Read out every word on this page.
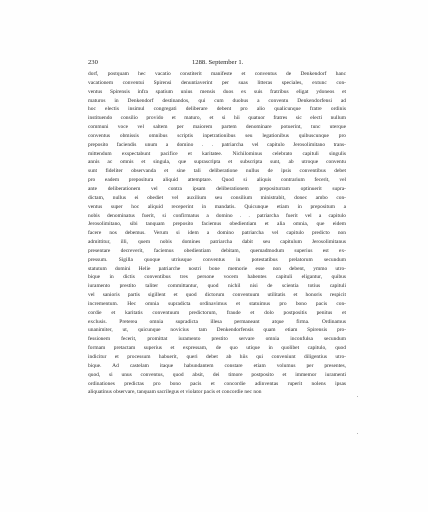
230	1288. September 1.
dorf, postquam hec vacatio constiterit manifeste et conventus de Denkendorf hanc
vacationem conventui Spirensi denuntiaverint per suas litteras speciales, extunc con-
ventus Spirensis infra spatium unius mensis duos ex suis fratribus eligat ydoneos et
maturos in Denkendorf destinandos, qui cum duobus a conventu Denkendorfensi ad
hoc electis insimul congregati deliberare debent pro alio qualicunque fratre ordinis
instituendo consilio provido et maturo, et si hii quatuor fratres sic electi nullum
communi voce vel saltem per maiorem partem denominare potuerint, tunc uterque
conventus obmissis omnibus scriptis inpetrationibus seu legationibus quibuscunque pro
preposito faciendis unum a domino . . patriarcha vel capitulo Jerosolimitano trans-
mittendum exspectabunt pacifice et karitatee. Nichilominus celebrato capituli singulis
annis ac omnis et singula, que suprascripta et subscripta sunt, ab utroque conventu
sunt fideliter observanda et sine tali deliberatione nullus de ipsis conventibus debet
pro eadem prepositura aliquid attemptare. Quod si aliquis contrarium fecerit, vel
ante deliberationem vel contra ipsam deliberationem prepositurram optinuerit supra-
dictam, nullus ei obediet vel auxilium seu consilium ministrabit, donec ambo con-
ventus super hoc aliquid receperint in mandatis. Quicunque etiam in prepositum a
nobis denominatus fuerit, si confirmatus a domino . . patriarcha fuerit vel a capitulo
Jerosolimitano, sibi tanquam preposito faciemus obedientiam et alia omnia, que eidem
facere nos debemus. Verum si idem a domino patriarcha vel capitulo predicto non
admittitur, illi, quem nobis domines patriarcha dabit seu capitulum Jerosolimitanus
presentare decreverit, faciemus obedientiam debitam, quemadmodum superius est ex-
pressum. Sigilla quoque utriusque conventus in potestatibus prelatorum secundum
statutum domini Helie patriarche nostri bone memorie esse non debent, ymmo utro-
bique in dictis conventibus tres persone vocem habentes capituli eligantur, quibus
iuramento prestito taliter committantur, quod nichil nisi de scientia totius capituli
vel sanioris partis sigillent et quod dictorum conventuum utilitatis et honoris respicit
incrementum. Hec omnia supradicta ordinavimus et statuimus pro bono pacis con-
cordie et karitatis conventuum predictorum, fraude et dolo postpositis penitus et
exclusis. Preterea omnia supradicta illesa permaneant atque firma. Ordinamus
unanimiter, ut, quicunque novicius tam Denkendorfensis quam etiam Spirensis pro-
fessionem fecerit, promittat iuramento prestito servare omnia inconfulsa secundum
formam pretactam superius et expressam, de quo utique in quolibet capitulo, quod
indicitur et processum habuerit, queri debet ab hiis qui conveniunt diligentius utro-
bique. Ad castelam itaque habundantem constare etiam volumus per presentes,
quod, si unus conventus, quod absit, dei timore postposito et immemor iuramenti
ordinationes predictas pro bono pacis et concordie adinventas ruperit nolens ipsas
aliquatinus observare, tanquam sacrilegus et violator pacis et concordie nec non
